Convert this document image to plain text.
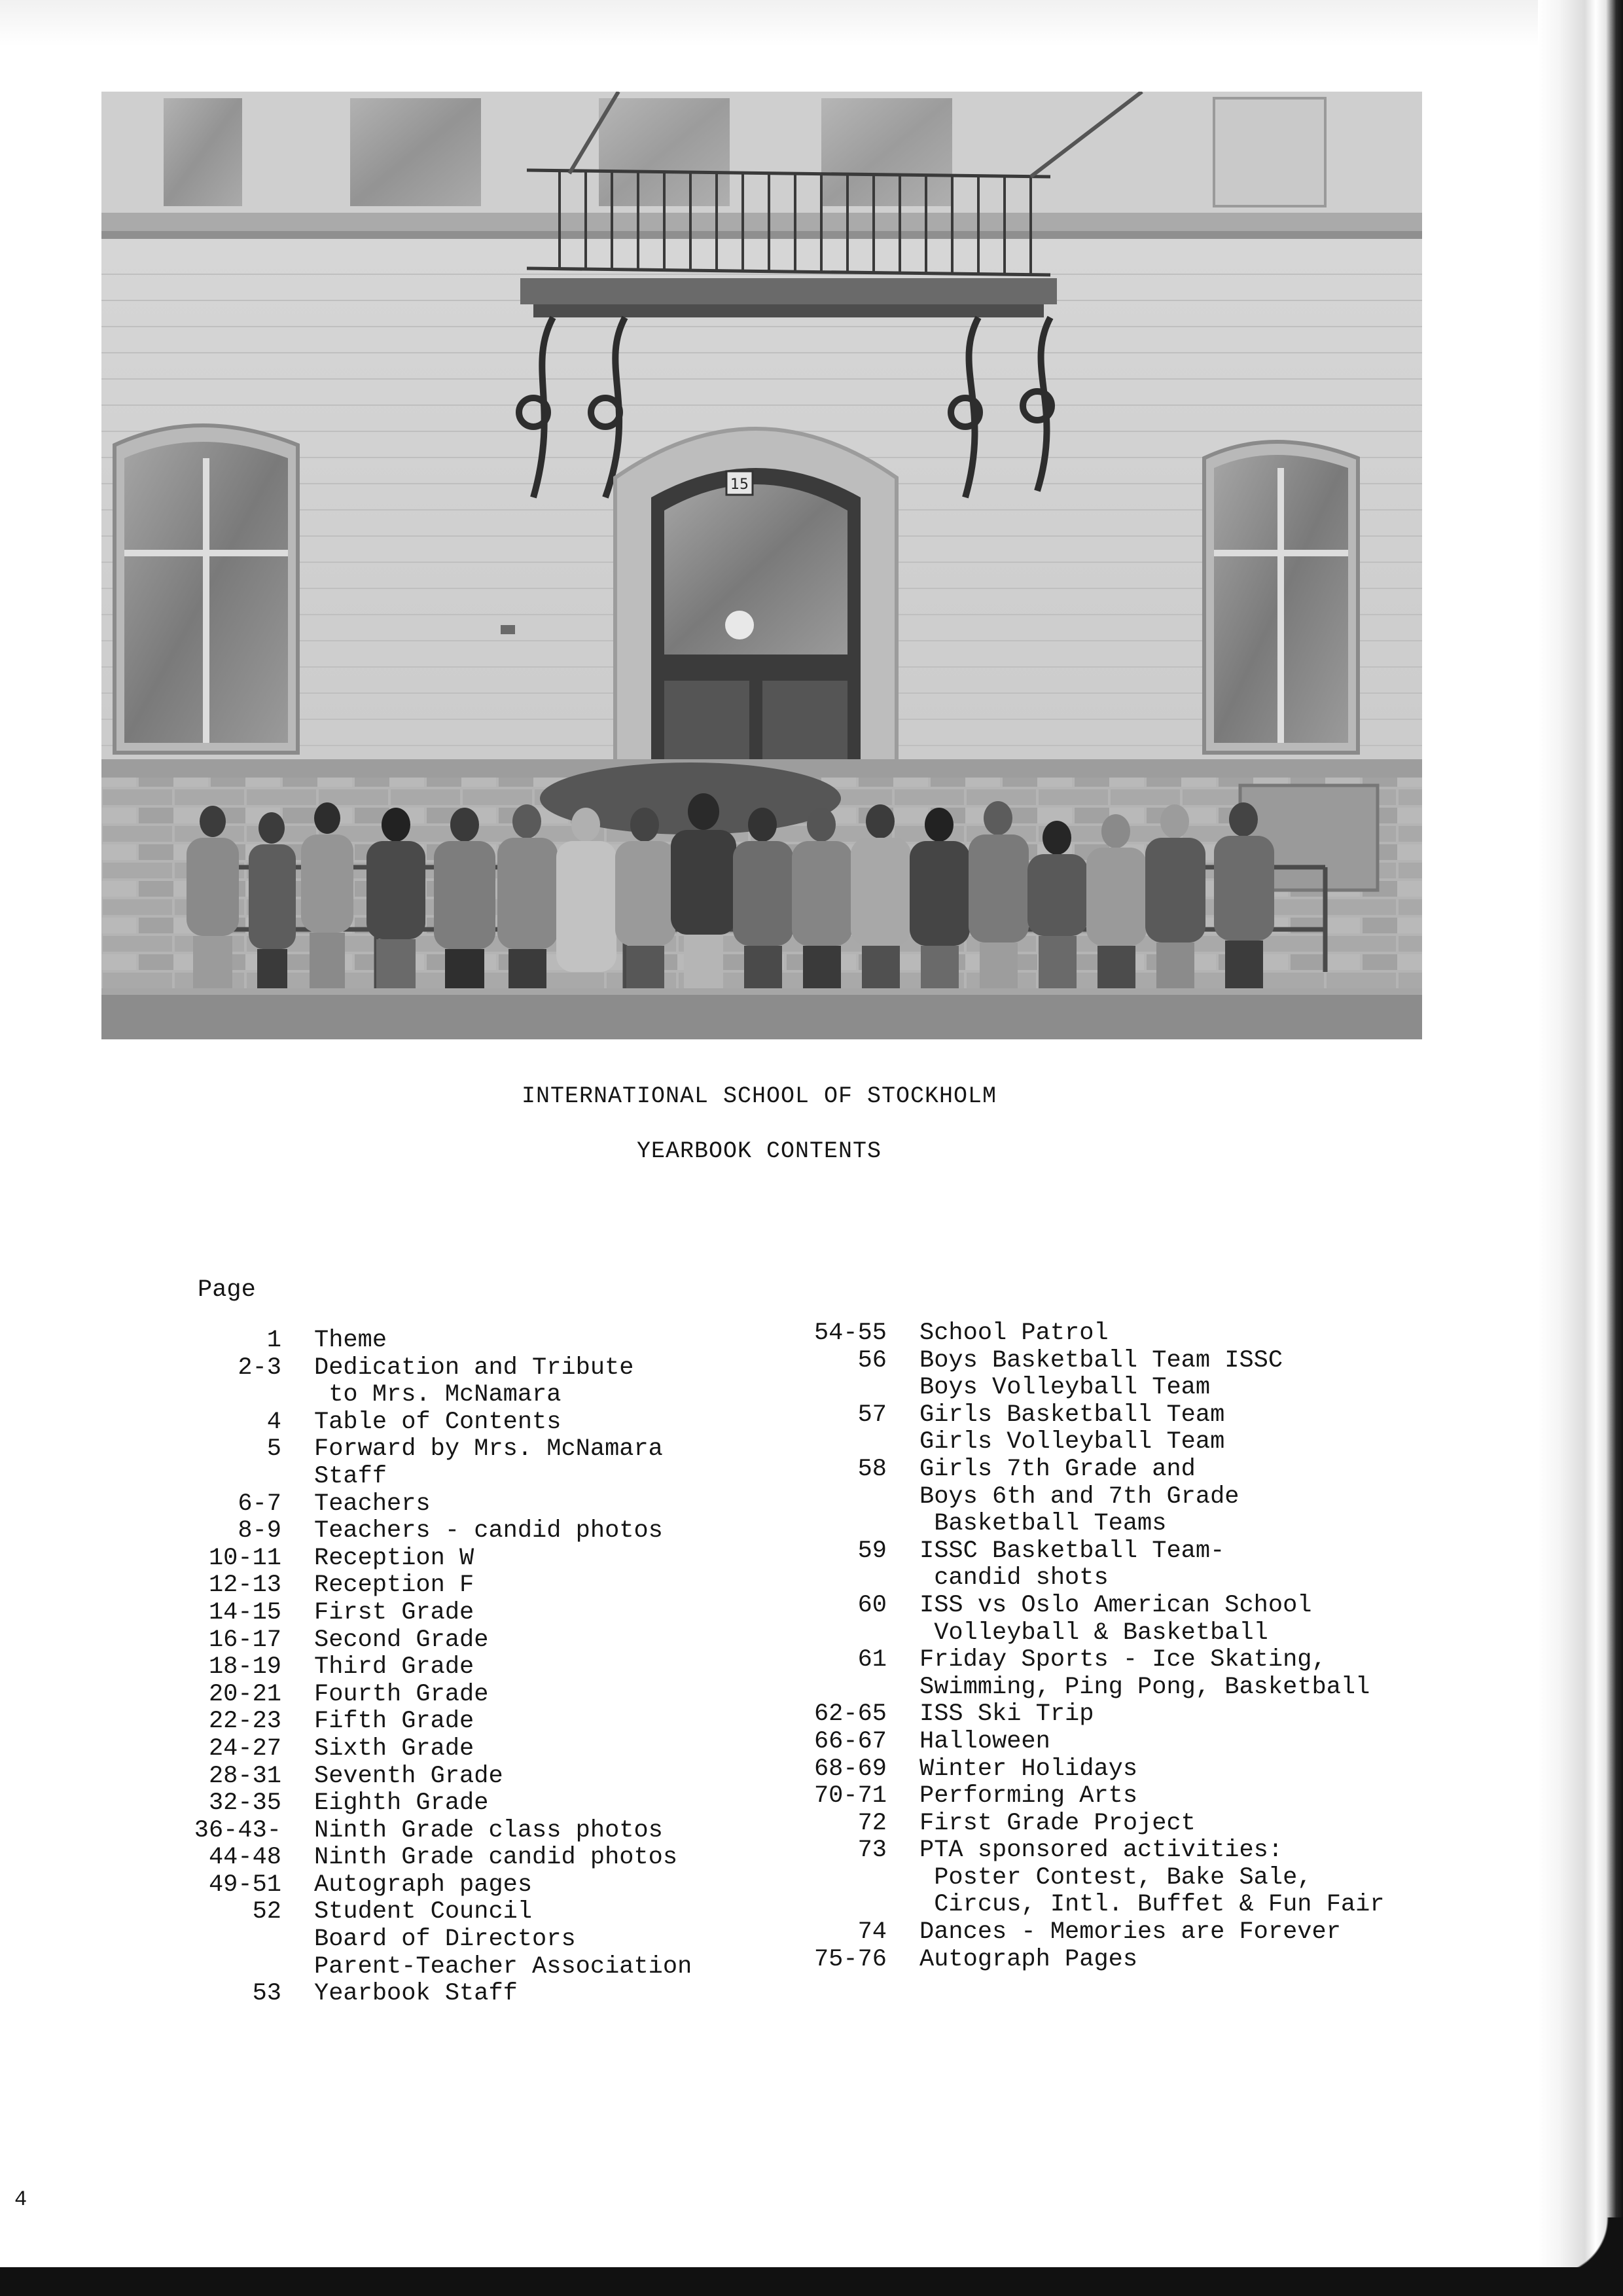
15

INTERNATIONAL SCHOOL OF STOCKHOLM

YEARBOOK CONTENTS

Page

1 Theme
2-3 Dedication and Tribute
to Mrs. McNamara
4 Table of Contents
5 Forward by Mrs. McNamara
Staff
6-7 Teachers
8-9 Teachers - candid photos
10-11 Reception W
12-13 Reception F
14-15 First Grade
16-17 Second Grade
18-19 Third Grade
20-21 Fourth Grade
22-23 Fifth Grade
24-27 Sixth Grade
28-31 Seventh Grade
32-35 Eighth Grade
36-43- Ninth Grade class photos
44-48 Ninth Grade candid photos
49-51 Autograph pages
52 Student Council
Board of Directors
Parent-Teacher Association
53 Yearbook Staff
54-55 School Patrol
56 Boys Basketball Team ISSC
Boys Volleyball Team
57 Girls Basketball Team
Girls Volleyball Team
58 Girls 7th Grade and
Boys 6th and 7th Grade
Basketball Teams
59 ISSC Basketball Team-
candid shots
60 ISS vs Oslo American School
Volleyball & Basketball
61 Friday Sports - Ice Skating,
Swimming, Ping Pong, Basketball
62-65 ISS Ski Trip
66-67 Halloween
68-69 Winter Holidays
70-71 Performing Arts
72 First Grade Project
73 PTA sponsored activities:
Poster Contest, Bake Sale,
Circus, Intl. Buffet & Fun Fair
74 Dances - Memories are Forever
75-76 Autograph Pages

4
